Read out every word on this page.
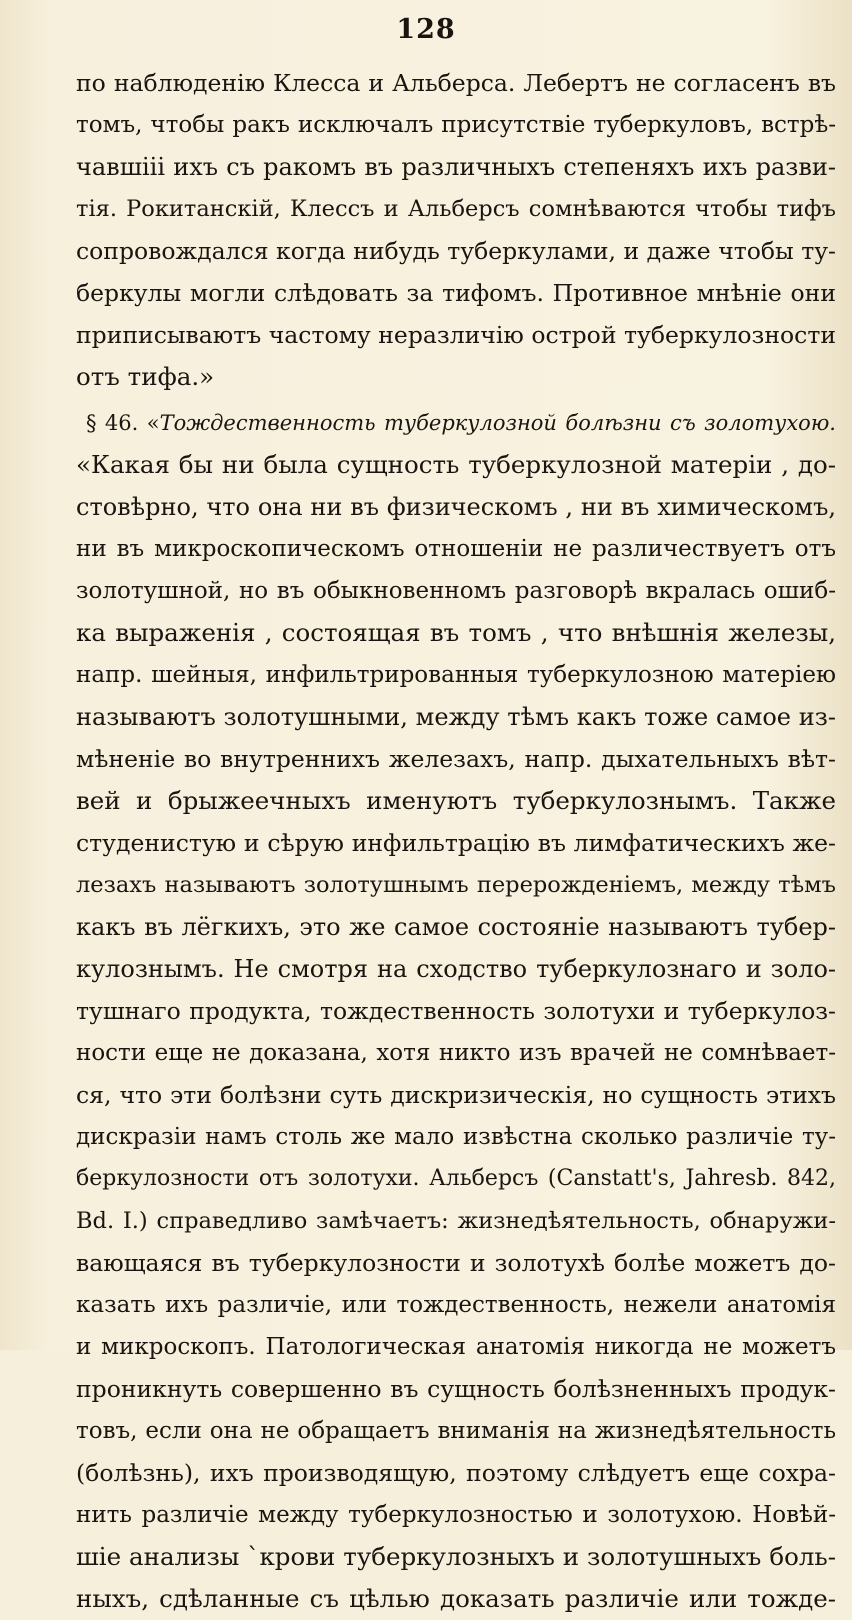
128
по наблюденію Клесса и Альберса. Лебертъ не согласенъ въ
томъ, чтобы ракъ исключалъ присутствіе туберкуловъ, встрѣ-
чавшііі ихъ съ ракомъ въ различныхъ степеняхъ ихъ разви-
тія. Рокитанскій, Клессъ и Альберсъ сомнѣваются чтобы тифъ
сопровождался когда нибудь туберкулами, и даже чтобы ту-
беркулы могли слѣдовать за тифомъ. Противное мнѣніе они
приписываютъ частому неразличію острой туберкулозности
отъ тифа.»
§ 46. «Тождественность туберкулозной болѣзни съ золотухою.
«Какая бы ни была сущность туберкулозной матеріи , до-
стовѣрно, что она ни въ физическомъ , ни въ химическомъ,
ни въ микроскопическомъ отношеніи не различествуетъ отъ
золотушной, но въ обыкновенномъ разговорѣ вкралась ошиб-
ка выраженія , состоящая въ томъ , что внѣшнія железы,
напр. шейныя, инфильтрированныя туберкулозною матеріею
называютъ золотушными, между тѣмъ какъ тоже самое из-
мѣненіе во внутреннихъ железахъ, напр. дыхательныхъ вѣт-
вей и брыжеечныхъ именуютъ туберкулознымъ. Также
студенистую и сѣрую инфильтрацію въ лимфатическихъ же-
лезахъ называютъ золотушнымъ перерожденіемъ, между тѣмъ
какъ въ лёгкихъ, это же самое состояніе называютъ тубер-
кулознымъ. Не смотря на сходство туберкулознаго и золо-
тушнаго продукта, тождественность золотухи и туберкулоз-
ности еще не доказана, хотя никто изъ врачей не сомнѣвает-
ся, что эти болѣзни суть дискризическія, но сущность этихъ
дискразіи намъ столь же мало извѣстна сколько различіе ту-
беркулозности отъ золотухи. Альберсъ (Canstatt's, Jahresb. 842,
Bd. I.) справедливо замѣчаетъ: жизнедѣятельность, обнаружи-
вающаяся въ туберкулозности и золотухѣ болѣе можетъ до-
казать ихъ различіе, или тождественность, нежели анатомія
и микроскопъ. Патологическая анатомія никогда не можетъ
проникнуть совершенно въ сущность болѣзненныхъ продук-
товъ, если она не обращаетъ вниманія на жизнедѣятельность
(болѣзнь), ихъ производящую, поэтому слѣдуетъ еще сохра-
нить различіе между туберкулозностью и золотухою. Новѣй-
шіе анализы `крови туберкулозныхъ и золотушныхъ боль-
ныхъ, сдѣланные съ цѣлью доказать различіе или тожде-
